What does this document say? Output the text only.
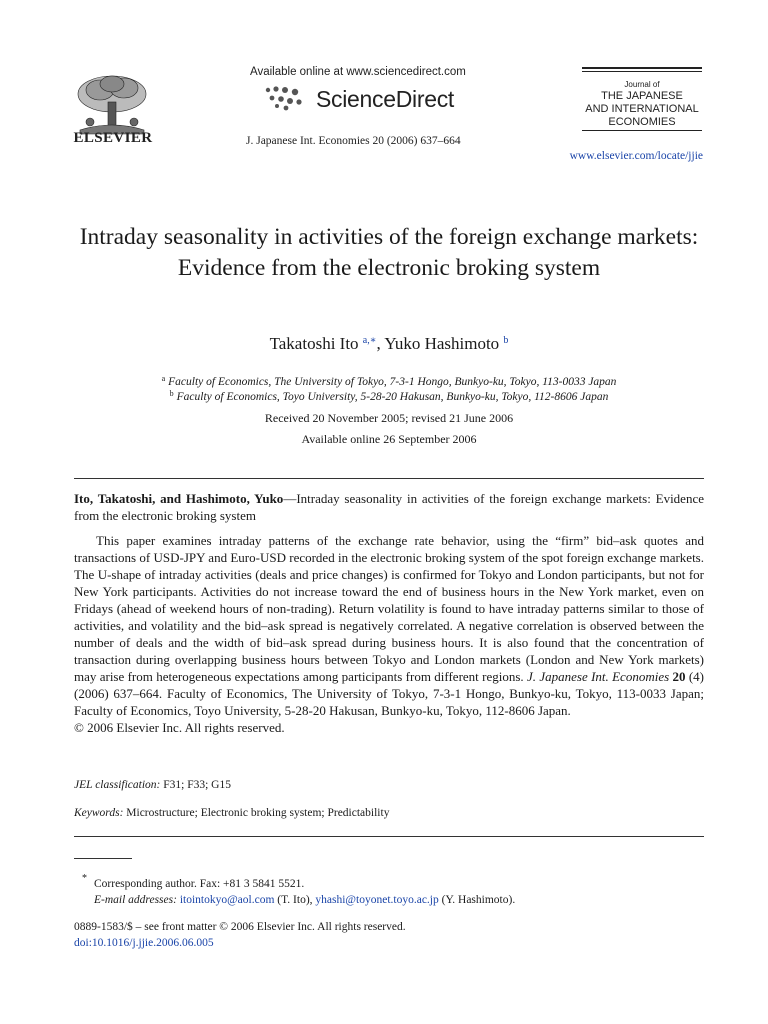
ELSEVIER
Available online at www.sciencedirect.com
ScienceDirect
J. Japanese Int. Economies 20 (2006) 637–664
Journal of
THE JAPANESE
AND INTERNATIONAL
ECONOMIES
www.elsevier.com/locate/jjie
Intraday seasonality in activities of the foreign exchange markets: Evidence from the electronic broking system
Takatoshi Ito $^{a,∗}$, Yuko Hashimoto $^b$
$^a$ Faculty of Economics, The University of Tokyo, 7-3-1 Hongo, Bunkyo-ku, Tokyo, 113-0033 Japan
$^b$ Faculty of Economics, Toyo University, 5-28-20 Hakusan, Bunkyo-ku, Tokyo, 112-8606 Japan
Received 20 November 2005; revised 21 June 2006
Available online 26 September 2006
Ito, Takatoshi, and Hashimoto, Yuko—Intraday seasonality in activities of the foreign exchange markets: Evidence from the electronic broking system
This paper examines intraday patterns of the exchange rate behavior, using the “firm” bid–ask quotes and transactions of USD-JPY and Euro-USD recorded in the electronic broking system of the spot foreign exchange markets. The U-shape of intraday activities (deals and price changes) is confirmed for Tokyo and London participants, but not for New York participants. Activities do not increase toward the end of business hours in the New York market, even on Fridays (ahead of weekend hours of non-trading). Return volatility is found to have intraday patterns similar to those of activities, and volatility and the bid–ask spread is negatively correlated. A negative correlation is observed between the number of deals and the width of bid–ask spread during business hours. It is also found that the concentration of transaction during overlapping business hours between Tokyo and London markets (London and New York markets) may arise from heterogeneous expectations among participants from different regions. J. Japanese Int. Economies 20 (4) (2006) 637–664. Faculty of Economics, The University of Tokyo, 7-3-1 Hongo, Bunkyo-ku, Tokyo, 113-0033 Japan; Faculty of Economics, Toyo University, 5-28-20 Hakusan, Bunkyo-ku, Tokyo, 112-8606 Japan.
© 2006 Elsevier Inc. All rights reserved.
JEL classification: F31; F33; G15
Keywords: Microstructure; Electronic broking system; Predictability
* Corresponding author. Fax: +81 3 5841 5521.
E-mail addresses: itointokyo@aol.com (T. Ito), yhashi@toyonet.toyo.ac.jp (Y. Hashimoto).
0889-1583/$ – see front matter © 2006 Elsevier Inc. All rights reserved.
doi:10.1016/j.jjie.2006.06.005
